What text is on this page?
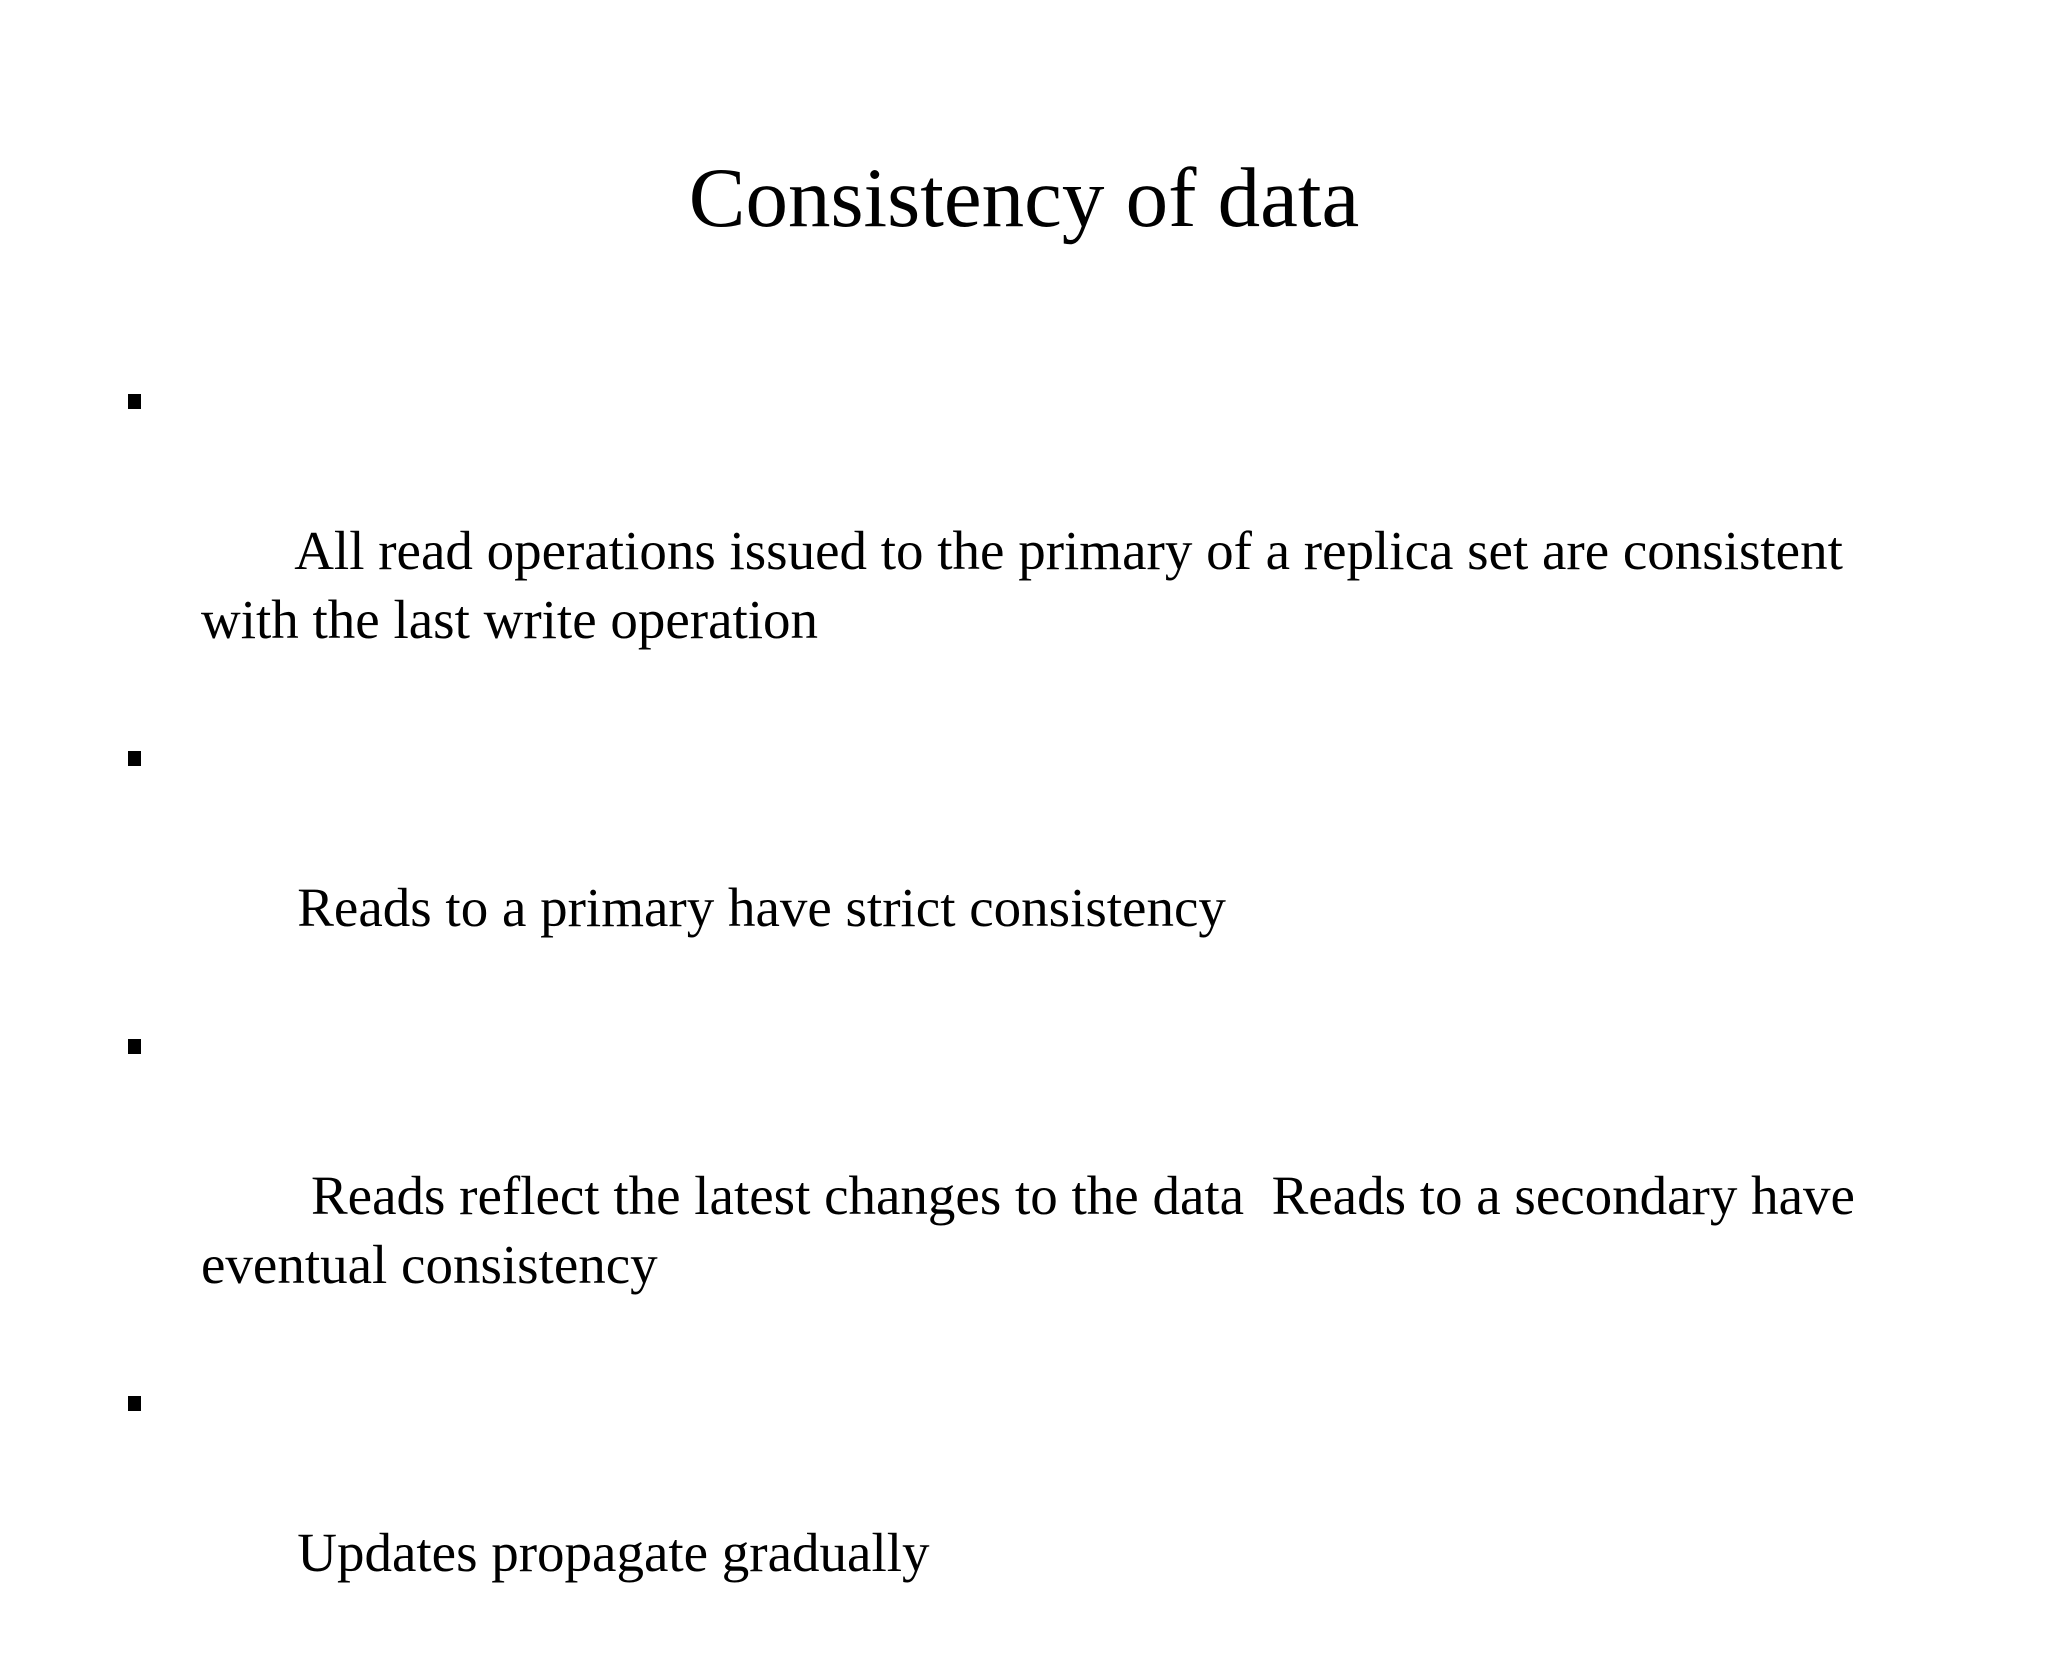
Consistency of data

All read operations issued to the primary of a replica set are consistent with the last write operation

Reads to a primary have strict consistency

Reads reflect the latest changes to the data  Reads to a secondary have eventual consistency

Updates propagate gradually
